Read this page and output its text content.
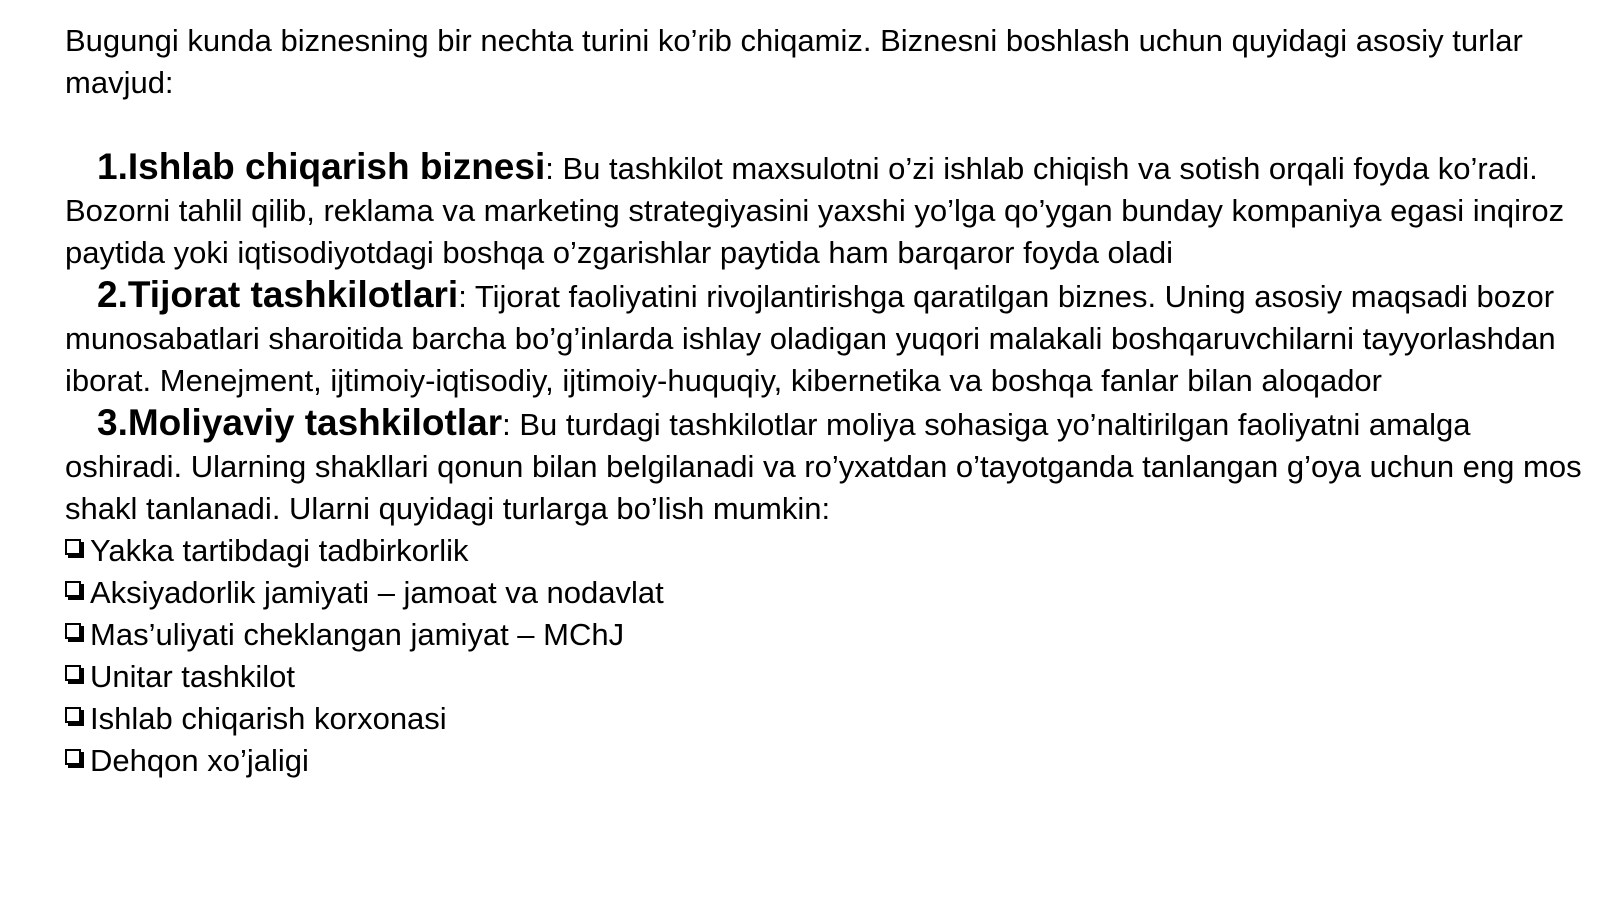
Bugungi kunda biznesning bir nechta turini ko’rib chiqamiz. Biznesni boshlash uchun quyidagi asosiy turlar mavjud:

1.Ishlab chiqarish biznesi: Bu tashkilot maxsulotni o’zi ishlab chiqish va sotish orqali foyda ko’radi. Bozorni tahlil qilib, reklama va marketing strategiyasini yaxshi yo’lga qo’ygan bunday kompaniya egasi inqiroz paytida yoki iqtisodiyotdagi boshqa o’zgarishlar paytida ham barqaror foyda oladi

2.Tijorat tashkilotlari: Tijorat faoliyatini rivojlantirishga qaratilgan biznes. Uning asosiy maqsadi bozor munosabatlari sharoitida barcha bo’g’inlarda ishlay oladigan yuqori malakali boshqaruvchilarni tayyorlashdan iborat. Menejment, ijtimoiy-iqtisodiy, ijtimoiy-huquqiy, kibernetika va boshqa fanlar bilan aloqador

3.Moliyaviy tashkilotlar: Bu turdagi tashkilotlar moliya sohasiga yo’naltirilgan faoliyatni amalga oshiradi. Ularning shakllari qonun bilan belgilanadi va ro’yxatdan o’tayotganda tanlangan g’oya uchun eng mos shakl tanlanadi. Ularni quyidagi turlarga bo’lish mumkin:

Yakka tartibdagi tadbirkorlik
Aksiyadorlik jamiyati – jamoat va nodavlat
Mas’uliyati cheklangan jamiyat – MChJ
Unitar tashkilot
Ishlab chiqarish korxonasi
Dehqon xo’jaligi
